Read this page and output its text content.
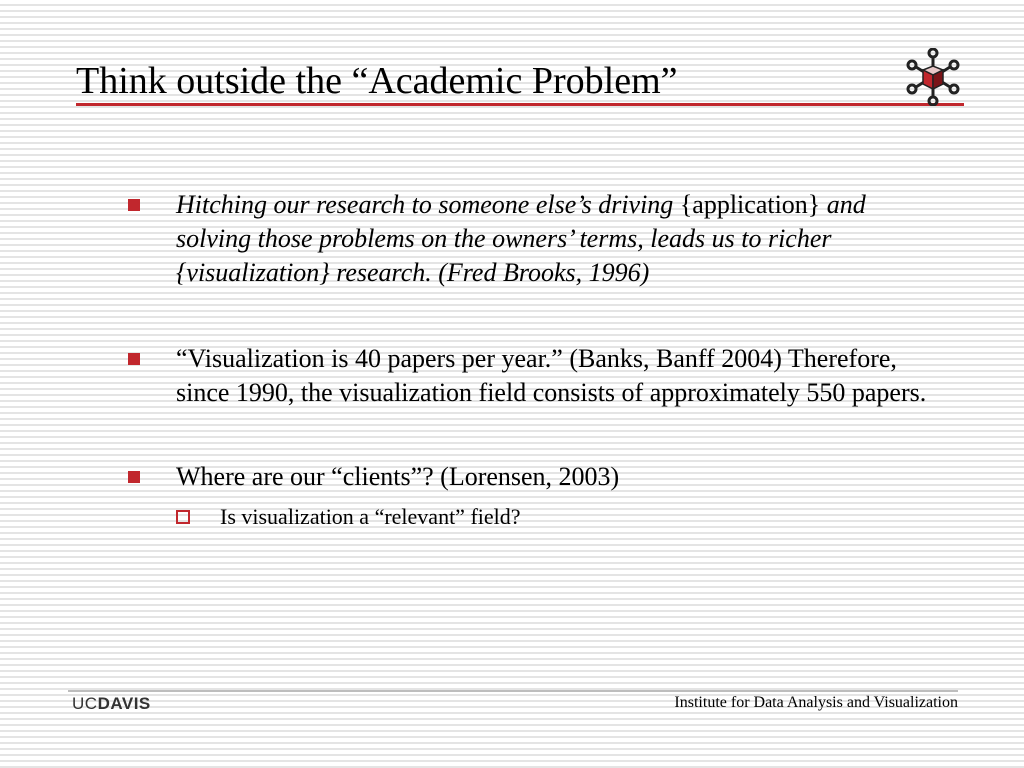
Think outside the “Academic Problem”
Hitching our research to someone else’s driving {application} and solving those problems on the owners’ terms, leads us to richer {visualization} research. (Fred Brooks, 1996)
“Visualization is 40 papers per year.” (Banks, Banff 2004) Therefore, since 1990, the visualization field consists of approximately 550 papers.
Where are our “clients”? (Lorensen, 2003)
Is visualization a “relevant” field?
UCDAVIS	Institute for Data Analysis and Visualization
